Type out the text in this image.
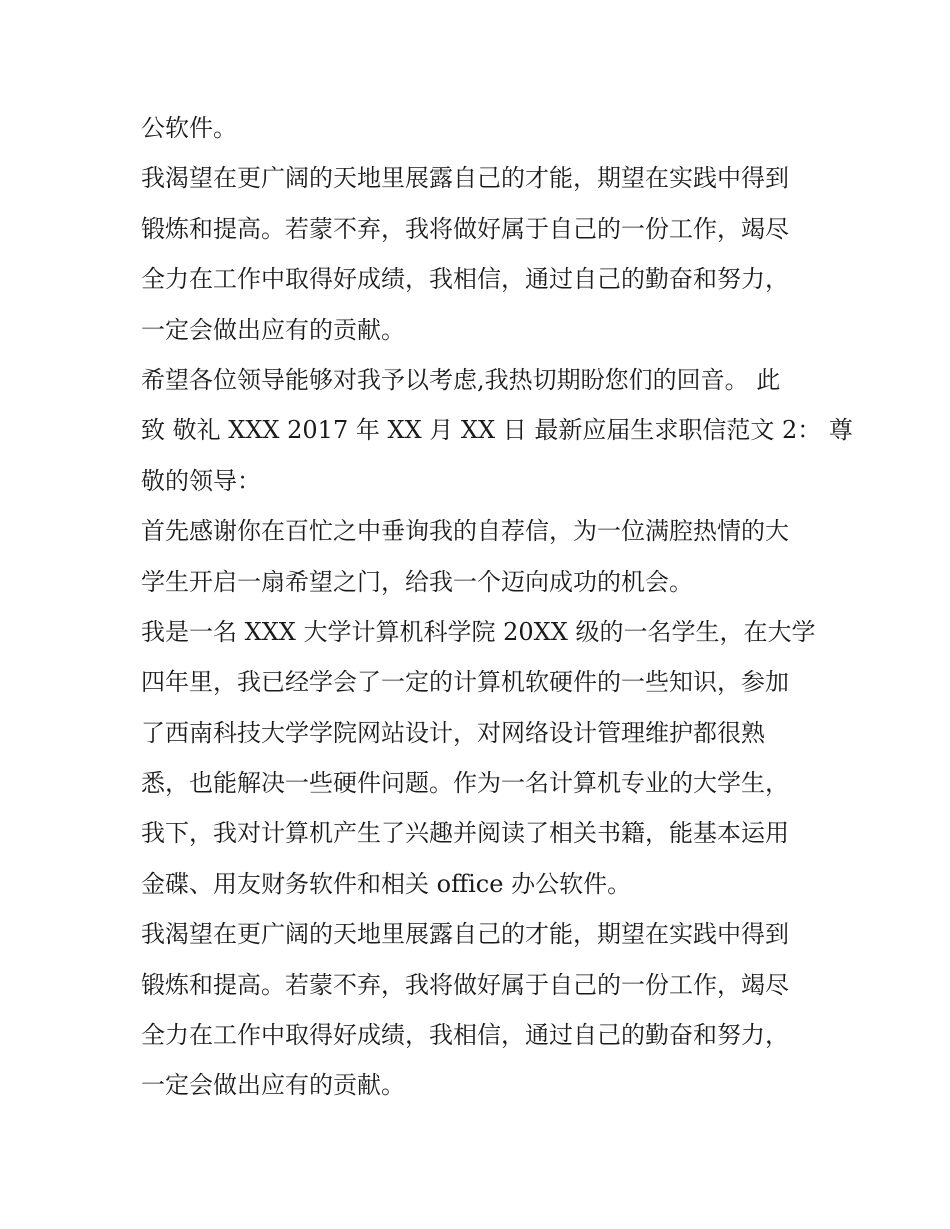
公软件。
我渴望在更广阔的天地里展露自己的才能，期望在实践中得到
锻炼和提高。若蒙不弃，我将做好属于自己的一份工作，竭尽
全力在工作中取得好成绩，我相信，通过自己的勤奋和努力，
一定会做出应有的贡献。
希望各位领导能够对我予以考虑,我热切期盼您们的回音。 此
致 敬礼 XXX 2017 年 XX 月 XX 日 最新应届生求职信范文 2： 尊
敬的领导：
首先感谢你在百忙之中垂询我的自荐信，为一位满腔热情的大
学生开启一扇希望之门，给我一个迈向成功的机会。
我是一名 XXX 大学计算机科学院 20XX 级的一名学生，在大学
四年里，我已经学会了一定的计算机软硬件的一些知识，参加
了西南科技大学学院网站设计，对网络设计管理维护都很熟
悉，也能解决一些硬件问题。作为一名计算机专业的大学生，
我下，我对计算机产生了兴趣并阅读了相关书籍，能基本运用
金碟、用友财务软件和相关 office 办公软件。
我渴望在更广阔的天地里展露自己的才能，期望在实践中得到
锻炼和提高。若蒙不弃，我将做好属于自己的一份工作，竭尽
全力在工作中取得好成绩，我相信，通过自己的勤奋和努力，
一定会做出应有的贡献。
